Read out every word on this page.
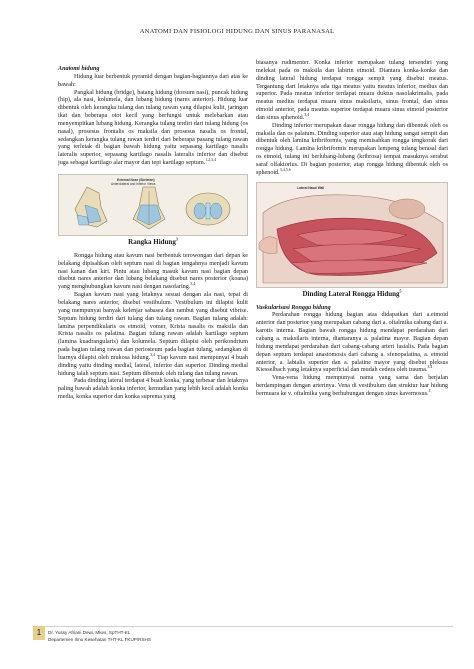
ANATOMI DAN FISIOLOGI HIDUNG DAN SINUS PARANASAL

Anatomi hidung

Hidung luar berbentuk pyramid dengan bagian-bagiannya dari atas ke bawah:

Pangkal hidung (bridge), batang hidung (dorsum nasi), puncak hidung (hip), ala nasi, kolumela, dan lubang hidung (nares anterior). Hidung luar dibentuk oleh kerangka tulang dan tulang rawan yang dilapisi kulit, jaringan ikat dan beberapa otot kecil yang berfungsi untuk melebarkan atau menyempitkan lubang hidung. Kerangka tulang terdiri dari tulang hidung (os nasal), prosesus frontalis os maksila dan prosesus nasalis os frontal, sedangkan kerangka tulang rawan terdiri dari beberapa pasang tulang rawan yang terletak di bagian bawah hidung yaitu sepasang kartilago nasalis lateralis superior, sepasang kartilago nasalis lateralis inferior dan disebut juga sebagai kartilago alar mayor dan tepi kartilago septum.$^{1,2,3,4}$

External Nose (Skeleton)
Anterolateral and Inferior Views
Rangka Hidung$^3$

Rongga hidung atau kavum nasi berbentuk terowongan dari depan ke belakang dipisahkan oleh septum nasi di bagian tengahnya menjadi kavum nasi kanan dan kiri. Pintu atau lubang masuk kavum nasi bagian depan disebut nares anterior dan lubang belakang disebut nares posterior (koana) yang menghubungkan kavum nasi dengan nasofaring.$^{3,4}$

Bagian kavum nasi yang letaknya sesuai dengan ala nasi, tepat di belakang nares anterior, disebut vestibulum. Vestibulum ini dilapisi kulit yang mempunyai banyak kelenjar sabasea dan rambut yang disebut vibrise. Septum hidung terdiri dari tulang dan tulang rawan. Bagian tulang adalah: lamina perpendikularis os etmoid, vomer, Krista nasalis os maksila dan Krista nasalis os palatina. Bagian tulang rawan adalah kartilago septum (lamina kuadrangularis) dan kolumela. Septum dilapisi oleh perikondrium pada bagian tulang rawan dan periosteum pada bagian tulang, sedangkan di luarnya dilapisi oleh mukosa hidung.$^{3,4}$ Tiap kavum nasi mempunyai 4 buah dinding yaitu dinding medial, lateral, inferior dan superior. Dinding medial hidung ialah septum nasi. Septum dibentuk oleh tulang dan tulang rawan.

Pada dinding lateral terdapat 4 buah konka, yang terbesar dan letaknya paling bawah adalah konka inferior, kemudian yang lebih kecil adalah konka media, konka superior dan konka suprema yang

biasanya rudimenter. Konka inferior merupakan tulang tersendiri yang melekat pada os maksila dan labirin etmoid. Diantara konka-konka dan dinding lateral hidung terdapat rongga sempit yang disebut meatus. Tergantung dari letaknya ada tiga meatus yaitu meatus inferior, medius dan superior. Pada meatus inferior terdapat muara duktus nasolakrimalis, pada meatus medius terdapat muara sinus maksilaris, sinus frontal, dan sinus etmoid anterior, pada meatus superior terdapat muara sinus etmoid posterior dan sinus sphenoid.$^{3,4}$

Dinding inferior merupakan dasar rongga hidung dan dibentuk oleh os maksila dan os palatum. Dinding superior atau atap hidung sangat sempit dan dibentuk oleh lamina kribriformis, yang memisahkan rongga tengkorak dari rongga hidung. Lamina kribriformis merupakan lempeng tulang berasal dari os etmoid, tulang ini berlubang-lubang (kribrosa) tempat masuknya serabut saraf olfaktorius. Di bagian posterior, atap rongga hidung dibentuk oleh os sphenoid.$^{3,4,5,6}$

Lateral Nasal Wall
Dinding Lateral Rongga Hidung$^5$

Vaskularisasi Rongga hidung

Perdarahan rongga hidung bagian atas didapatkan dari a.etmoid anterior dan posterior yang merupakan cabang dari a. oftalmika cabang dari a. karotis interna. Bagian bawah rongga hidung mendapat perdarahan dari cabang a. maksilaris interna, diantaranya a. palatina mayor. Bagian depan hidung mendapat perdarahan dari cabang-cabang arteri fasialis. Pada bagian depan septum terdapat anastomosis dari cabang a. sfenopalatina, a. etmoid anterior, a. labialis superior dan a. palatine mayor yang disebut pleksus Kiesselbach yang letaknya superficial dan mudah cedera oleh trauma.$^{3,4}$

Vena-vena hidung mempunyai nama yang sama dan berjalan berdampingan dengan arterinya. Vena di vestibulum dan struktur luar hidung bermuara ke v. oftalmika yang berhubungan dengan sinus kavernosus.$^4$

1	Dr. Yussy Afriani Dewi, Mkes, SpTHT-KL
Departemen Ilmu Kesehatan THT-KL FKUP/RSHS
